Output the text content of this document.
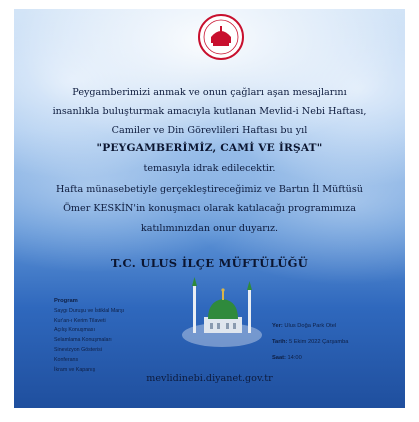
Peygamberimizi anmak ve onun çağları aşan mesajlarını
insanlıkla buluşturmak amacıyla kutlanan Mevlid-i Nebi Haftası,
Camiler ve Din Görevlileri Haftası bu yıl
"PEYGAMBERİMİZ, CAMİ VE İRŞAT"
temasıyla idrak edilecektir.
Hafta münasebetiyle gerçekleştireceğimiz ve Bartın İl Müftüsü
Ömer KESKİN'in konuşmacı olarak katılacağı programımıza
katılımınızdan onur duyarız.
T.C. ULUS İLÇE MÜFTÜLÜĞÜ
Program
Saygı Duruşu ve İstiklal Marşı
Kur'an-ı Kerim Tilaveti
Açılış Konuşması
Selamlama Konuşmaları
Sinevizyon Gösterisi
Konferans
İkram ve Kapanış
Yer: Ulus Doğa Park Otel
Tarih: 5 Ekim 2022 Çarşamba
Saat: 14:00
mevlidinebi.diyanet.gov.tr
